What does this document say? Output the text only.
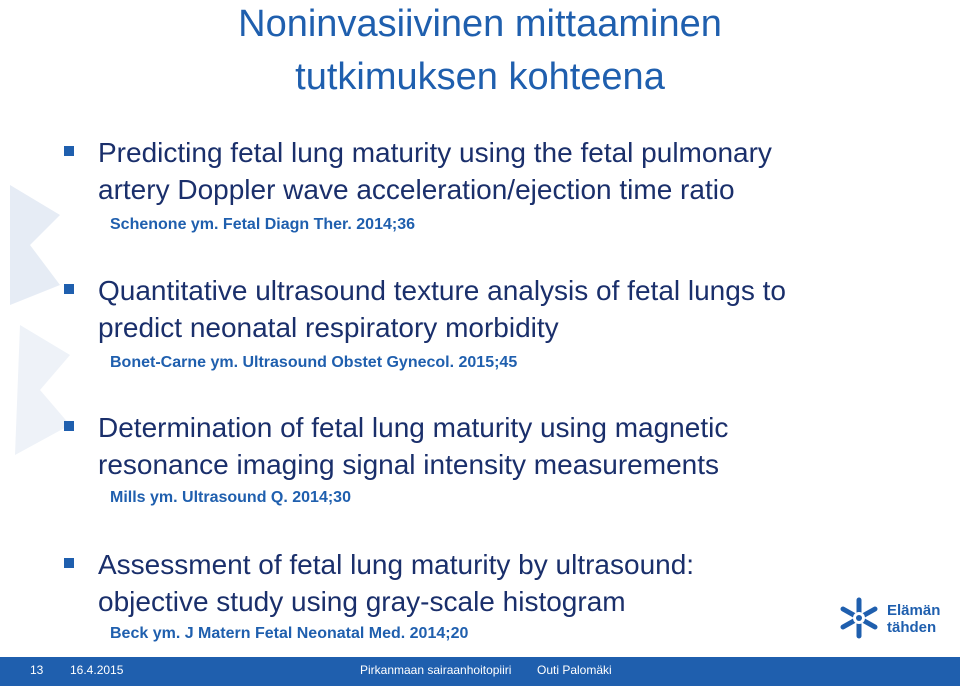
Noninvasiivinen mittaaminen
tutkimuksen kohteena
Predicting fetal lung maturity using the fetal pulmonary
artery Doppler wave acceleration/ejection time ratio
Schenone ym. Fetal Diagn Ther. 2014;36
Quantitative ultrasound texture analysis of fetal lungs to
predict neonatal respiratory morbidity
Bonet-Carne ym. Ultrasound Obstet Gynecol. 2015;45
Determination of fetal lung maturity using magnetic
resonance imaging signal intensity measurements
Mills ym. Ultrasound Q. 2014;30
Assessment of fetal lung maturity by ultrasound:
objective study using gray-scale histogram
Beck ym. J Matern Fetal Neonatal Med. 2014;20
Elämän
tähden
13 16.4.2015	Pirkanmaan sairaanhoitopiiri Outi Palomäki
